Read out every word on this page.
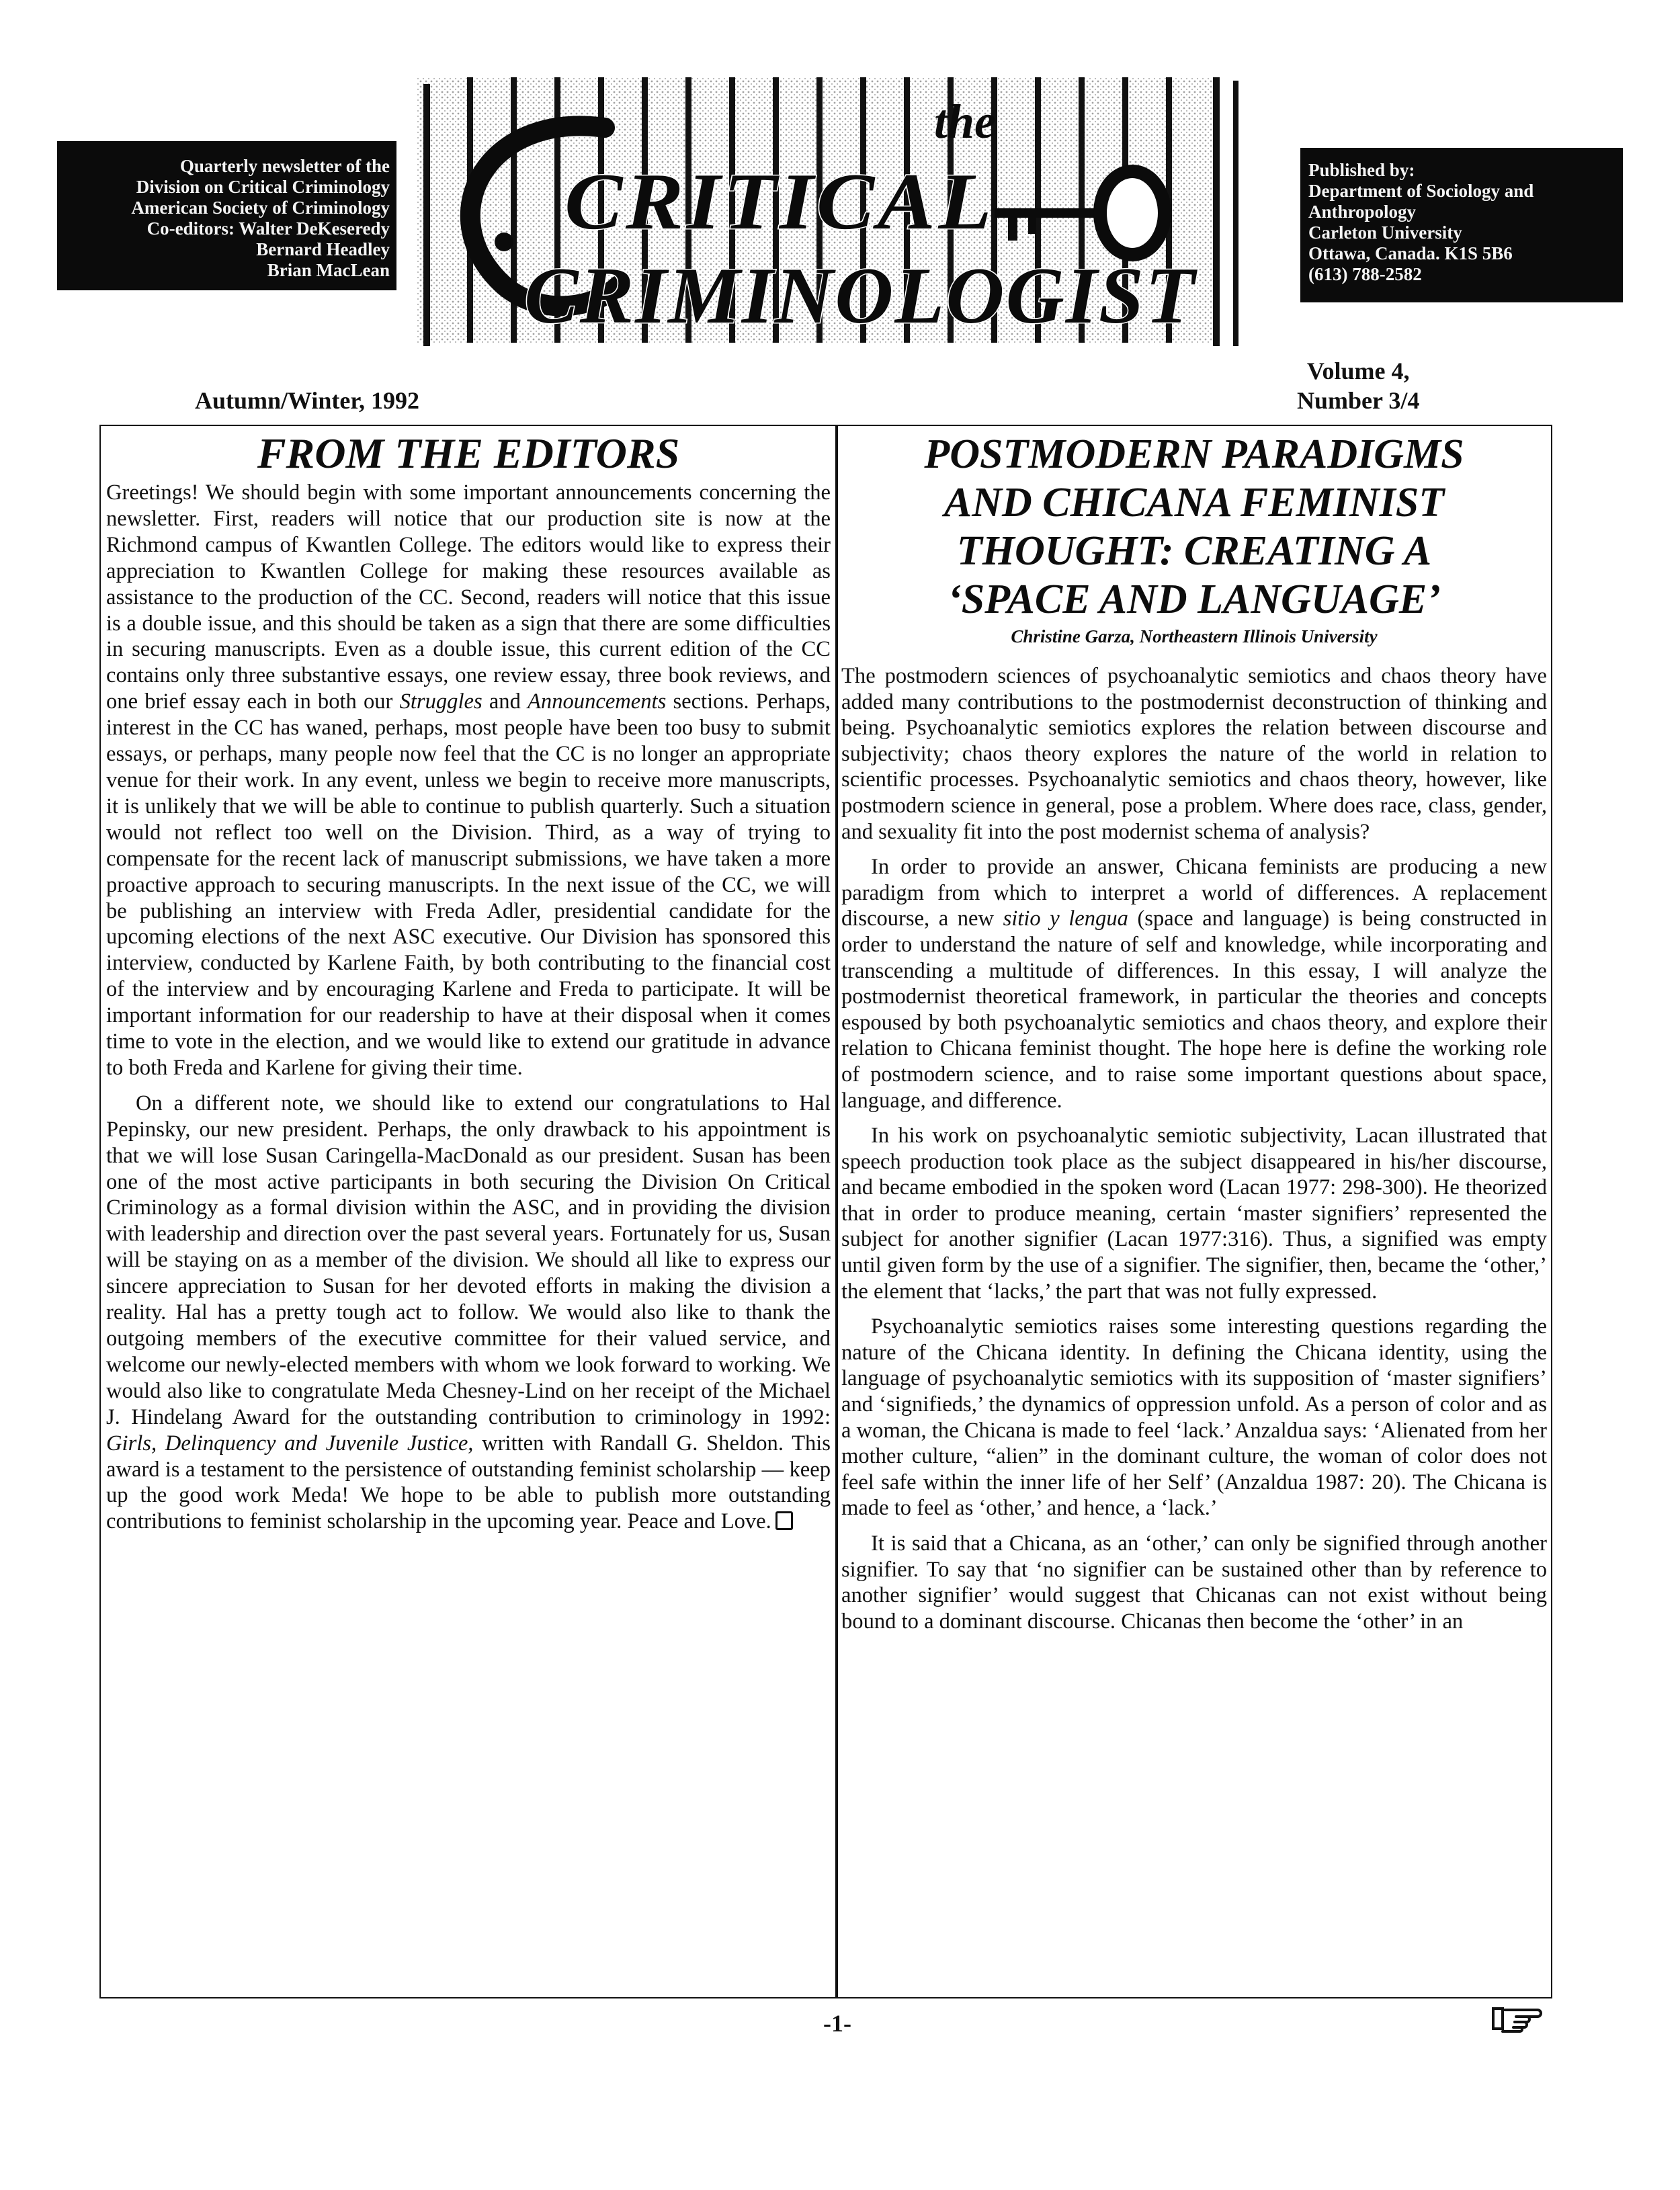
Quarterly newsletter of the
Division on Critical Criminology
American Society of Criminology
Co-editors: Walter DeKeseredy
Bernard Headley
Brian MacLean
the
CRITICAL
CRIMINOLOGIST
Published by:
Department of Sociology and
Anthropology
Carleton University
Ottawa, Canada. K1S 5B6
(613) 788-2582
Autumn/Winter, 1992
Volume 4,
Number 3/4
FROM THE EDITORS

Greetings! We should begin with some important announcements concerning the newsletter. First, readers will notice that our production site is now at the Richmond campus of Kwantlen College. The editors would like to express their appreciation to Kwantlen College for making these resources available as assistance to the production of the CC. Second, readers will notice that this issue is a double issue, and this should be taken as a sign that there are some difficulties in securing manuscripts. Even as a double issue, this current edition of the CC contains only three substantive essays, one review essay, three book reviews, and one brief essay each in both our Struggles and Announcements sections. Perhaps, interest in the CC has waned, perhaps, most people have been too busy to submit essays, or perhaps, many people now feel that the CC is no longer an appropriate venue for their work. In any event, unless we begin to receive more manuscripts, it is unlikely that we will be able to continue to publish quarterly. Such a situation would not reflect too well on the Division. Third, as a way of trying to compensate for the recent lack of manuscript submissions, we have taken a more proactive approach to securing manuscripts. In the next issue of the CC, we will be publishing an interview with Freda Adler, presidential candidate for the upcoming elections of the next ASC executive. Our Division has sponsored this interview, conducted by Karlene Faith, by both contributing to the financial cost of the interview and by encouraging Karlene and Freda to participate. It will be important information for our readership to have at their disposal when it comes time to vote in the election, and we would like to extend our gratitude in advance to both Freda and Karlene for giving their time.

On a different note, we should like to extend our congratulations to Hal Pepinsky, our new president. Perhaps, the only drawback to his appointment is that we will lose Susan Caringella-MacDonald as our president. Susan has been one of the most active participants in both securing the Division On Critical Criminology as a formal division within the ASC, and in providing the division with leadership and direction over the past several years. Fortunately for us, Susan will be staying on as a member of the division. We should all like to express our sincere appreciation to Susan for her devoted efforts in making the division a reality. Hal has a pretty tough act to follow. We would also like to thank the outgoing members of the executive committee for their valued service, and welcome our newly-elected members with whom we look forward to working. We would also like to congratulate Meda Chesney-Lind on her receipt of the Michael J. Hindelang Award for the outstanding contribution to criminology in 1992: Girls, Delinquency and Juvenile Justice, written with Randall G. Sheldon. This award is a testament to the persistence of outstanding feminist scholarship — keep up the good work Meda! We hope to be able to publish more outstanding contributions to feminist scholarship in the upcoming year. Peace and Love.

POSTMODERN PARADIGMS
AND CHICANA FEMINIST
THOUGHT: CREATING A
‘SPACE AND LANGUAGE’
Christine Garza, Northeastern Illinois University

The postmodern sciences of psychoanalytic semiotics and chaos theory have added many contributions to the postmodernist deconstruction of thinking and being. Psychoanalytic semiotics explores the relation between discourse and subjectivity; chaos theory explores the nature of the world in relation to scientific processes. Psychoanalytic semiotics and chaos theory, however, like postmodern science in general, pose a problem. Where does race, class, gender, and sexuality fit into the post modernist schema of analysis?

In order to provide an answer, Chicana feminists are producing a new paradigm from which to interpret a world of differences. A replacement discourse, a new sitio y lengua (space and language) is being constructed in order to understand the nature of self and knowledge, while incorporating and transcending a multitude of differences. In this essay, I will analyze the postmodernist theoretical framework, in particular the theories and concepts espoused by both psychoanalytic semiotics and chaos theory, and explore their relation to Chicana feminist thought. The hope here is define the working role of postmodern science, and to raise some important questions about space, language, and difference.

In his work on psychoanalytic semiotic subjectivity, Lacan illustrated that speech production took place as the subject disappeared in his/her discourse, and became embodied in the spoken word (Lacan 1977: 298-300). He theorized that in order to produce meaning, certain ‘master signifiers’ represented the subject for another signifier (Lacan 1977:316). Thus, a signified was empty until given form by the use of a signifier. The signifier, then, became the ‘other,’ the element that ‘lacks,’ the part that was not fully expressed.

Psychoanalytic semiotics raises some interesting questions regarding the nature of the Chicana identity. In defining the Chicana identity, using the language of psychoanalytic semiotics with its supposition of ‘master signifiers’ and ‘signifieds,’ the dynamics of oppression unfold. As a person of color and as a woman, the Chicana is made to feel ‘lack.’ Anzaldua says: ‘Alienated from her mother culture, “alien” in the dominant culture, the woman of color does not feel safe within the inner life of her Self’ (Anzaldua 1987: 20). The Chicana is made to feel as ‘other,’ and hence, a ‘lack.’

It is said that a Chicana, as an ‘other,’ can only be signified through another signifier. To say that ‘no signifier can be sustained other than by reference to another signifier’ would suggest that Chicanas can not exist without being bound to a dominant discourse. Chicanas then become the ‘other’ in an

-1-
